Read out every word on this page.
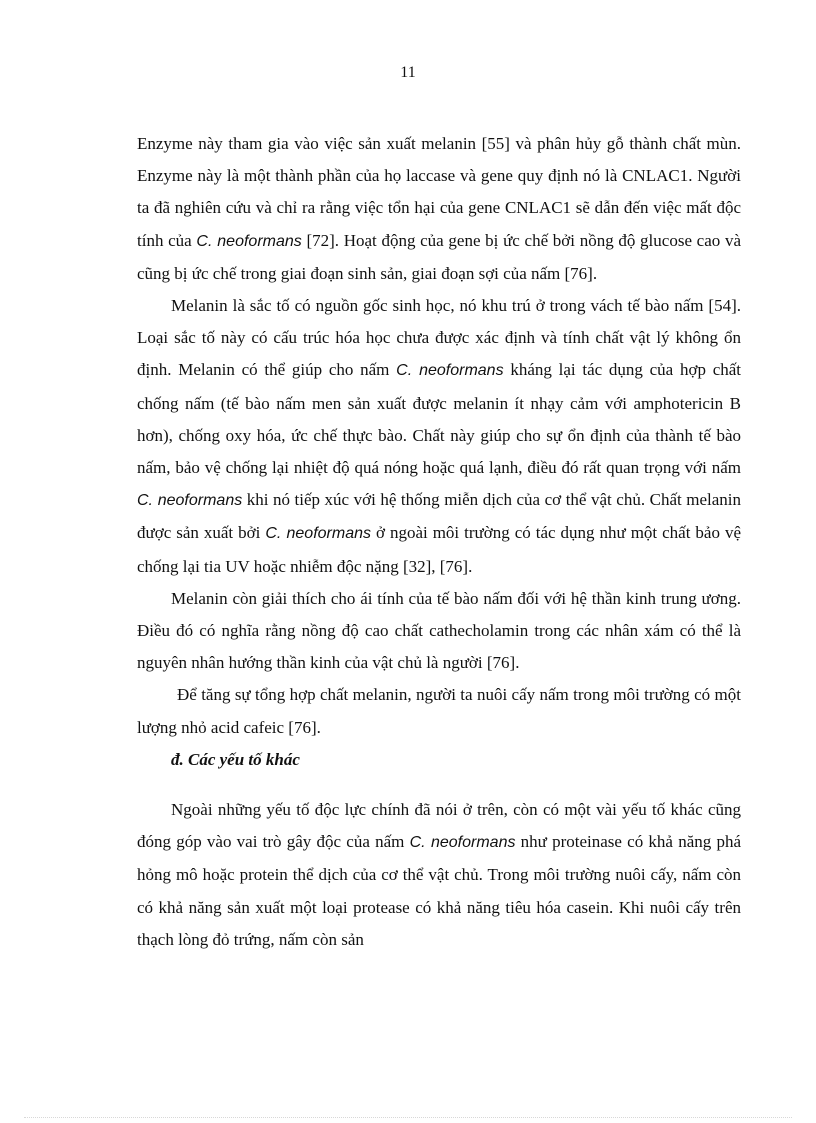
11

Enzyme này tham gia vào việc sản xuất melanin [55] và phân hủy gỗ thành chất mùn. Enzyme này là một thành phần của họ laccase và gene quy định nó là CNLAC1. Người ta đã nghiên cứu và chỉ ra rằng việc tổn hại của gene CNLAC1 sẽ dẫn đến việc mất độc tính của C. neoformans [72]. Hoạt động của gene bị ức chế bởi nồng độ glucose cao và cũng bị ức chế trong giai đoạn sinh sản, giai đoạn sợi của nấm [76].

Melanin là sắc tố có nguồn gốc sinh học, nó khu trú ở trong vách tế bào nấm [54]. Loại sắc tố này có cấu trúc hóa học chưa được xác định và tính chất vật lý không ổn định. Melanin có thể giúp cho nấm C. neoformans kháng lại tác dụng của hợp chất chống nấm (tế bào nấm men sản xuất được melanin ít nhạy cảm với amphotericin B hơn), chống oxy hóa, ức chế thực bào. Chất này giúp cho sự ổn định của thành tế bào nấm, bảo vệ chống lại nhiệt độ quá nóng hoặc quá lạnh, điều đó rất quan trọng với nấm C. neoformans khi nó tiếp xúc với hệ thống miễn dịch của cơ thể vật chủ. Chất melanin được sản xuất bởi C. neoformans ở ngoài môi trường có tác dụng như một chất bảo vệ chống lại tia UV hoặc nhiễm độc nặng [32], [76].

Melanin còn giải thích cho ái tính của tế bào nấm đối với hệ thần kinh trung ương. Điều đó có nghĩa rằng nồng độ cao chất cathecholamin trong các nhân xám có thể là nguyên nhân hướng thần kinh của vật chủ là người [76].

Để tăng sự tổng hợp chất melanin, người ta nuôi cấy nấm trong môi trường có một lượng nhỏ acid cafeic [76].

đ. Các yếu tố khác

Ngoài những yếu tố độc lực chính đã nói ở trên, còn có một vài yếu tố khác cũng đóng góp vào vai trò gây độc của nấm C. neoformans như proteinase có khả năng phá hỏng mô hoặc protein thể dịch của cơ thể vật chủ. Trong môi trường nuôi cấy, nấm còn có khả năng sản xuất một loại protease có khả năng tiêu hóa casein. Khi nuôi cấy trên thạch lòng đỏ trứng, nấm còn sản
